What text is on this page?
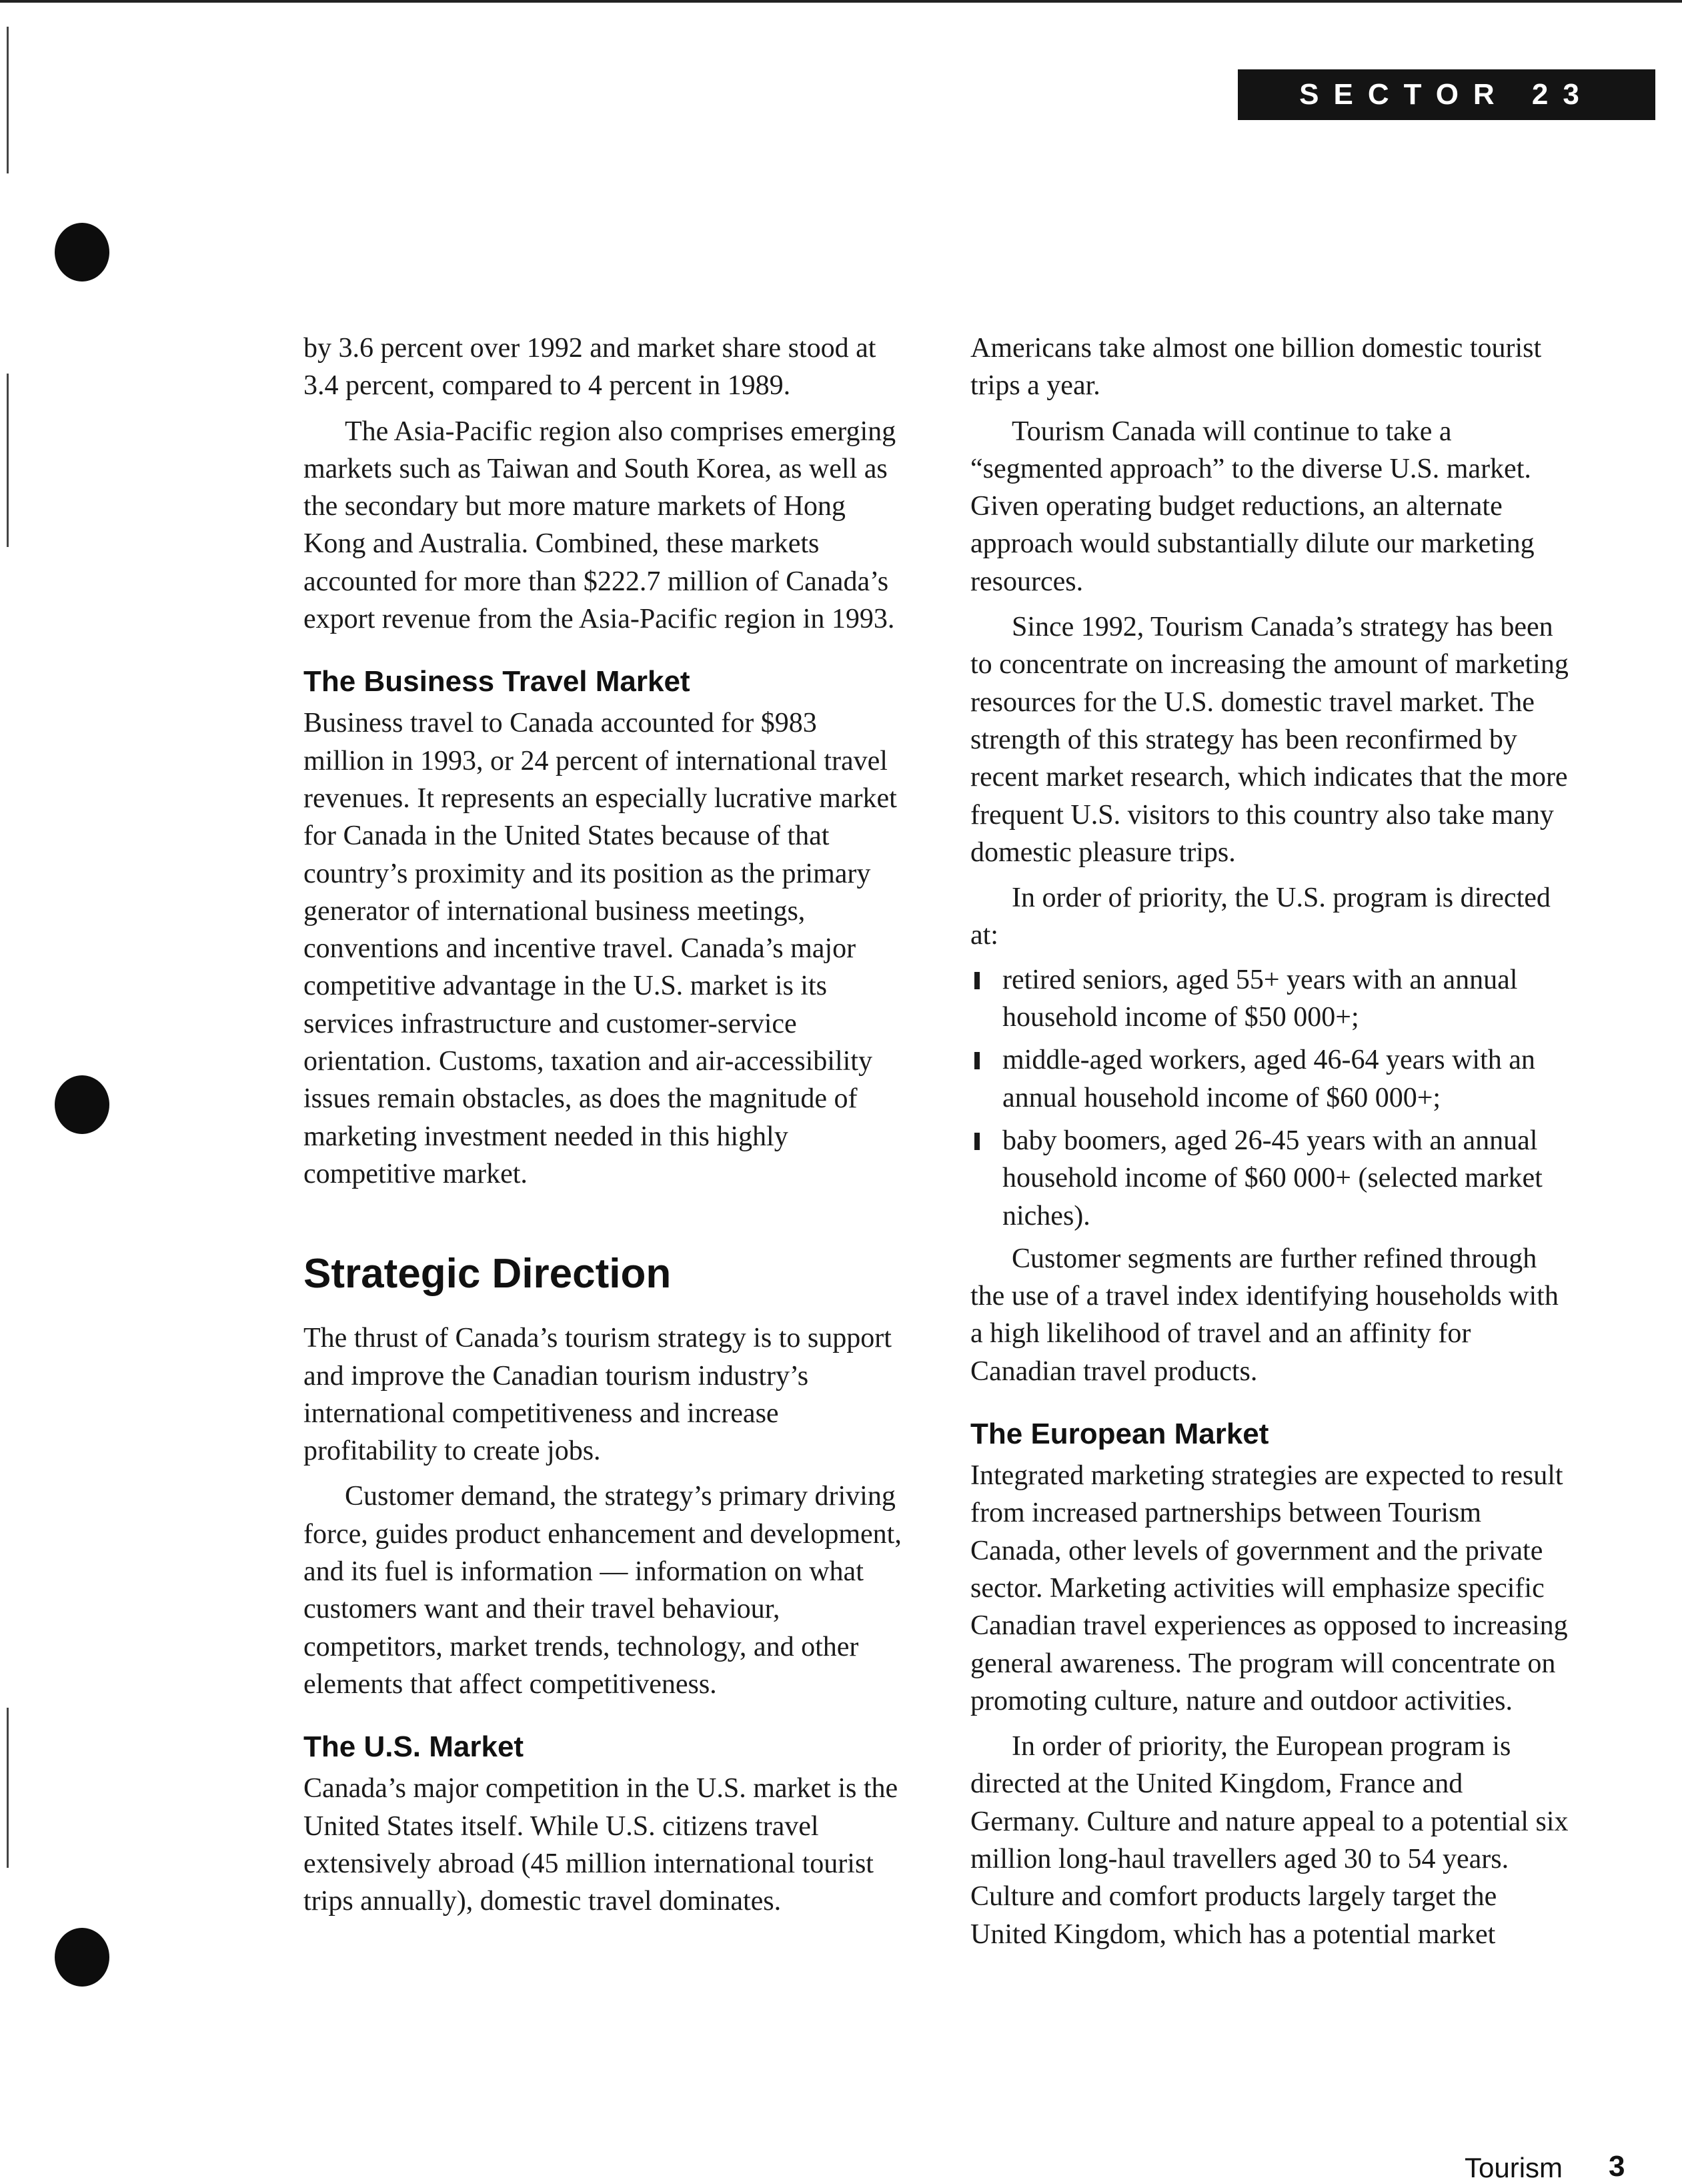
SECTOR 23

by 3.6 percent over 1992 and market share stood at 3.4 percent, compared to 4 percent in 1989.

The Asia-Pacific region also comprises emerging markets such as Taiwan and South Korea, as well as the secondary but more mature markets of Hong Kong and Australia. Combined, these markets accounted for more than $222.7 million of Canada’s export revenue from the Asia-Pacific region in 1993.

The Business Travel Market

Business travel to Canada accounted for $983 million in 1993, or 24 percent of international travel revenues. It represents an especially lucrative market for Canada in the United States because of that country’s proximity and its position as the primary generator of international business meetings, conventions and incentive travel. Canada’s major competitive advantage in the U.S. market is its services infrastructure and customer-service orientation. Customs, taxation and air-accessibility issues remain obstacles, as does the magnitude of marketing investment needed in this highly competitive market.

Strategic Direction

The thrust of Canada’s tourism strategy is to support and improve the Canadian tourism industry’s international competitiveness and increase profitability to create jobs.

Customer demand, the strategy’s primary driving force, guides product enhancement and development, and its fuel is information — information on what customers want and their travel behaviour, competitors, market trends, technology, and other elements that affect competitiveness.

The U.S. Market

Canada’s major competition in the U.S. market is the United States itself. While U.S. citizens travel extensively abroad (45 million international tourist trips annually), domestic travel dominates.

Americans take almost one billion domestic tourist trips a year.

Tourism Canada will continue to take a “segmented approach” to the diverse U.S. market. Given operating budget reductions, an alternate approach would substantially dilute our marketing resources.

Since 1992, Tourism Canada’s strategy has been to concentrate on increasing the amount of marketing resources for the U.S. domestic travel market. The strength of this strategy has been reconfirmed by recent market research, which indicates that the more frequent U.S. visitors to this country also take many domestic pleasure trips.

In order of priority, the U.S. program is directed at:

retired seniors, aged 55+ years with an annual household income of $50 000+;
middle-aged workers, aged 46-64 years with an annual household income of $60 000+;
baby boomers, aged 26-45 years with an annual household income of $60 000+ (selected market niches).

Customer segments are further refined through the use of a travel index identifying households with a high likelihood of travel and an affinity for Canadian travel products.

The European Market

Integrated marketing strategies are expected to result from increased partnerships between Tourism Canada, other levels of government and the private sector. Marketing activities will emphasize specific Canadian travel experiences as opposed to increasing general awareness. The program will concentrate on promoting culture, nature and outdoor activities.

In order of priority, the European program is directed at the United Kingdom, France and Germany. Culture and nature appeal to a potential six million long-haul travellers aged 30 to 54 years. Culture and comfort products largely target the United Kingdom, which has a potential market

Tourism 3
